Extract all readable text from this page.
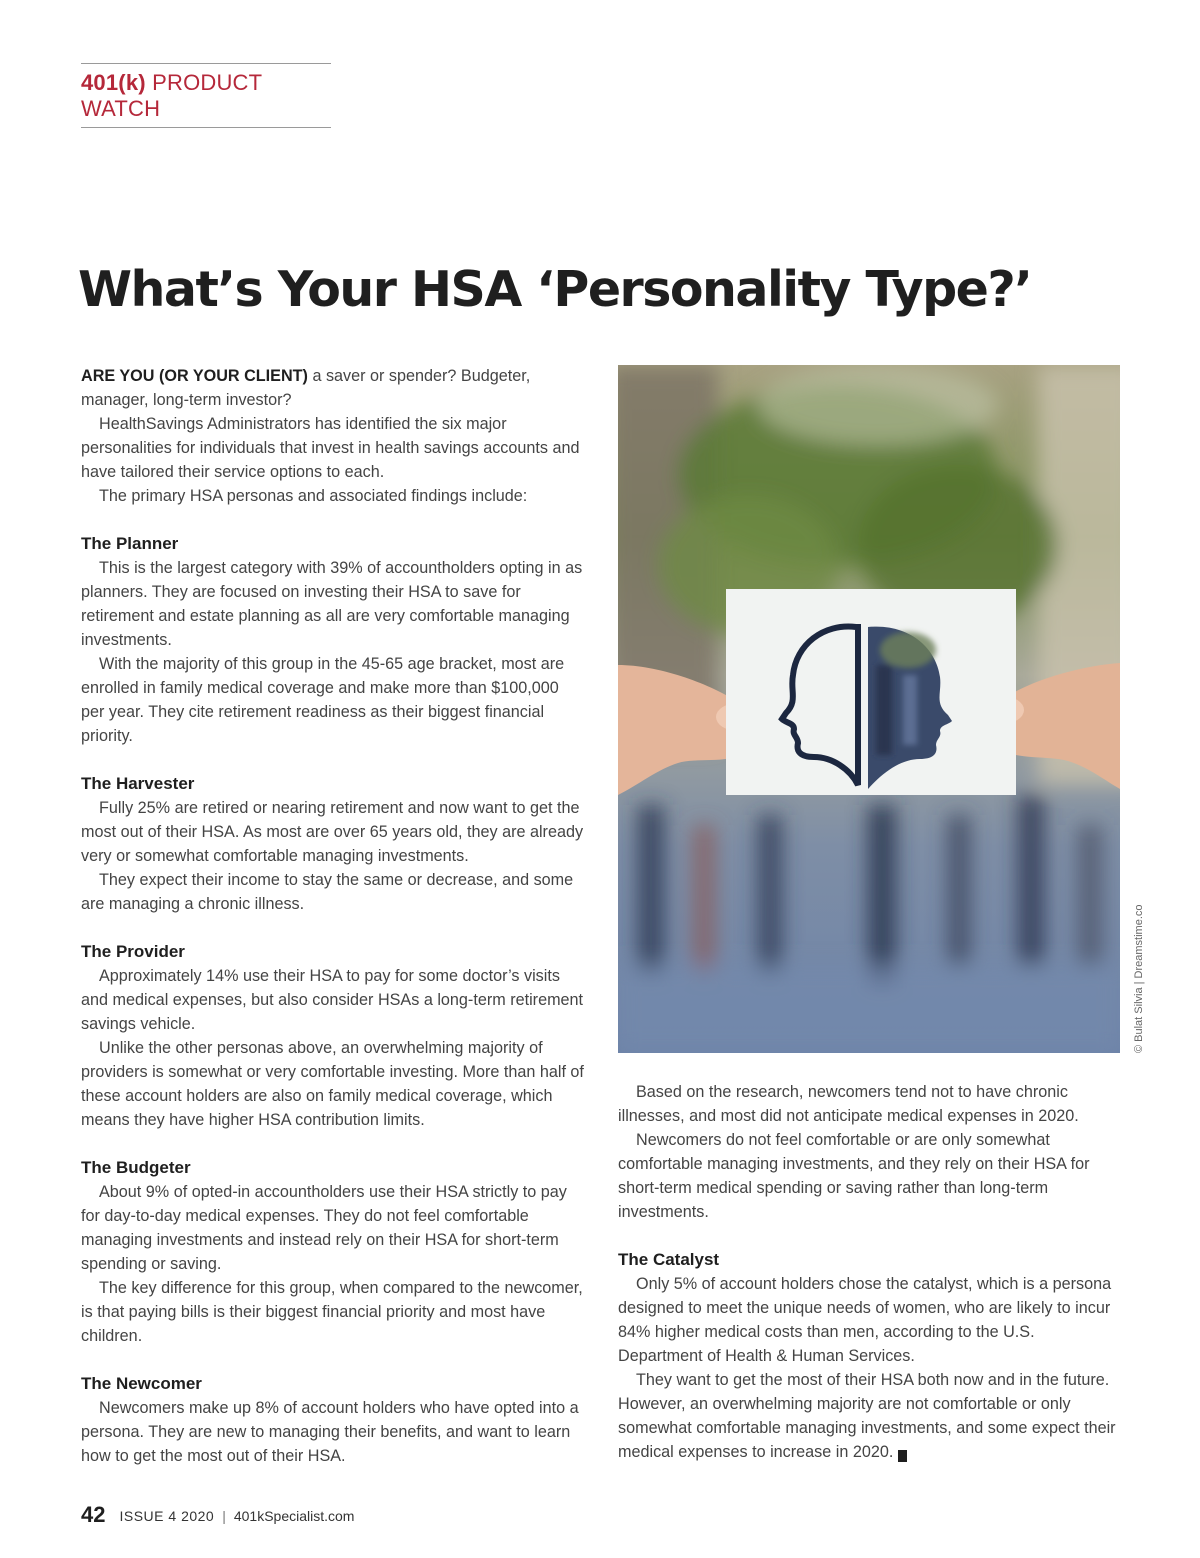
401(k) PRODUCT WATCH
What’s Your HSA ‘Personality Type?’

ARE YOU (OR YOUR CLIENT) a saver or spender? Budgeter, manager, long-term investor?

HealthSavings Administrators has identified the six major personalities for individuals that invest in health savings accounts and have tailored their service options to each.

The primary HSA personas and associated findings include:

The Planner

This is the largest category with 39% of accountholders opting in as planners. They are focused on investing their HSA to save for retirement and estate planning as all are very comfortable managing investments.

With the majority of this group in the 45-65 age bracket, most are enrolled in family medical coverage and make more than $100,000 per year. They cite retirement readiness as their biggest financial priority.

The Harvester

Fully 25% are retired or nearing retirement and now want to get the most out of their HSA. As most are over 65 years old, they are already very or somewhat comfortable managing investments.

They expect their income to stay the same or decrease, and some are managing a chronic illness.

The Provider

Approximately 14% use their HSA to pay for some doctor’s visits and medical expenses, but also consider HSAs a long-term retirement savings vehicle.

Unlike the other personas above, an overwhelming majority of providers is somewhat or very comfortable investing. More than half of these account holders are also on family medical coverage, which means they have higher HSA contribution limits.

The Budgeter

About 9% of opted-in accountholders use their HSA strictly to pay for day-to-day medical expenses. They do not feel comfortable managing investments and instead rely on their HSA for short-term spending or saving.

The key difference for this group, when compared to the newcomer, is that paying bills is their biggest financial priority and most have children.

The Newcomer

Newcomers make up 8% of account holders who have opted into a persona. They are new to managing their benefits, and want to learn how to get the most out of their HSA.

© Bulat Silvia | Dreamstime.co

Based on the research, newcomers tend not to have chronic illnesses, and most did not anticipate medical expenses in 2020.

Newcomers do not feel comfortable or are only somewhat comfortable managing investments, and they rely on their HSA for short-term medical spending or saving rather than long-term investments.

The Catalyst

Only 5% of account holders chose the catalyst, which is a persona designed to meet the unique needs of women, who are likely to incur 84% higher medical costs than men, according to the U.S. Department of Health & Human Services.

They want to get the most of their HSA both now and in the future. However, an overwhelming majority are not comfortable or only somewhat comfortable managing investments, and some expect their medical expenses to increase in 2020.	K

42 ISSUE 4 2020 | 401kSpecialist.com
